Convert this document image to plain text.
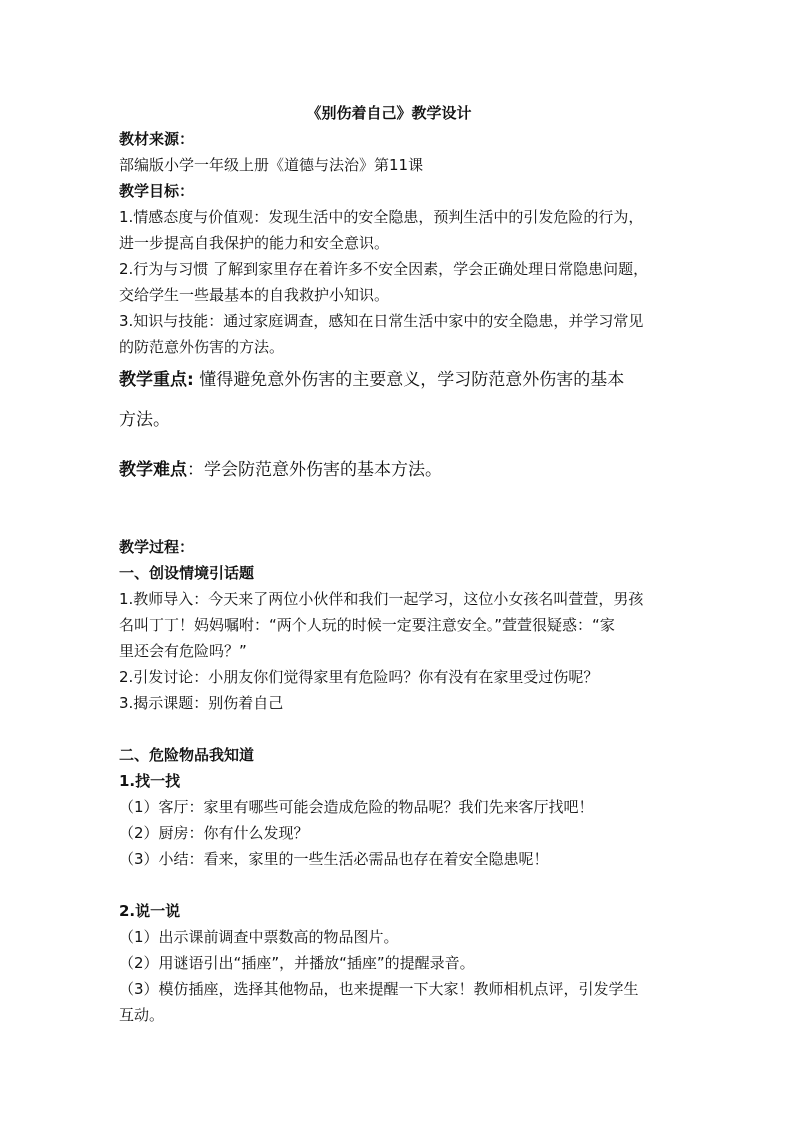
《别伤着自己》教学设计
教材来源：
部编版小学一年级上册《道德与法治》第11课
教学目标：
1.情感态度与价值观：发现生活中的安全隐患，预判生活中的引发危险的行为，
进一步提高自我保护的能力和安全意识。
2.行为与习惯 了解到家里存在着许多不安全因素，学会正确处理日常隐患问题，
交给学生一些最基本的自我救护小知识。
3.知识与技能：通过家庭调查，感知在日常生活中家中的安全隐患，并学习常见
的防范意外伤害的方法。
教学重点: 懂得避免意外伤害的主要意义，学习防范意外伤害的基本
方法。
教学难点：学会防范意外伤害的基本方法。
教学过程：
一、创设情境引话题
1.教师导入：今天来了两位小伙伴和我们一起学习，这位小女孩名叫萱萱，男孩
名叫丁丁！妈妈嘱咐：“两个人玩的时候一定要注意安全。”萱萱很疑惑：“家
里还会有危险吗？”
2.引发讨论：小朋友你们觉得家里有危险吗？你有没有在家里受过伤呢？
3.揭示课题：别伤着自己
二、危险物品我知道
1.找一找
（1）客厅：家里有哪些可能会造成危险的物品呢？我们先来客厅找吧！
（2）厨房：你有什么发现？
（3）小结：看来，家里的一些生活必需品也存在着安全隐患呢！
2.说一说
（1）出示课前调查中票数高的物品图片。
（2）用谜语引出“插座”，并播放“插座”的提醒录音。
（3）模仿插座，选择其他物品，也来提醒一下大家！教师相机点评，引发学生
互动。
